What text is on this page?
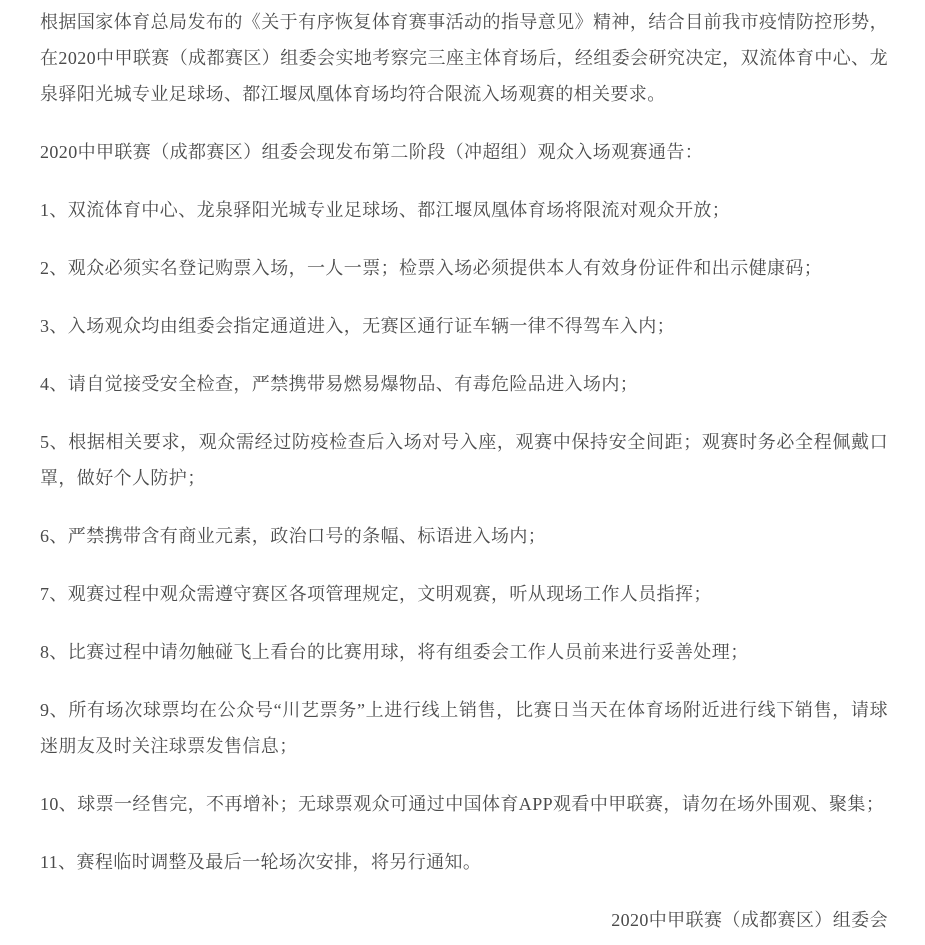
根据国家体育总局发布的《关于有序恢复体育赛事活动的指导意见》精神，结合目前我市疫情防控形势，在2020中甲联赛（成都赛区）组委会实地考察完三座主体育场后，经组委会研究决定，双流体育中心、龙泉驿阳光城专业足球场、都江堰凤凰体育场均符合限流入场观赛的相关要求。

2020中甲联赛（成都赛区）组委会现发布第二阶段（冲超组）观众入场观赛通告：

1、双流体育中心、龙泉驿阳光城专业足球场、都江堰凤凰体育场将限流对观众开放；

2、观众必须实名登记购票入场，一人一票；检票入场必须提供本人有效身份证件和出示健康码；

3、入场观众均由组委会指定通道进入，无赛区通行证车辆一律不得驾车入内；

4、请自觉接受安全检查，严禁携带易燃易爆物品、有毒危险品进入场内；

5、根据相关要求，观众需经过防疫检查后入场对号入座，观赛中保持安全间距；观赛时务必全程佩戴口罩，做好个人防护；

6、严禁携带含有商业元素，政治口号的条幅、标语进入场内；

7、观赛过程中观众需遵守赛区各项管理规定，文明观赛，听从现场工作人员指挥；

8、比赛过程中请勿触碰飞上看台的比赛用球，将有组委会工作人员前来进行妥善处理；

9、所有场次球票均在公众号“川艺票务”上进行线上销售，比赛日当天在体育场附近进行线下销售，请球迷朋友及时关注球票发售信息；

10、球票一经售完，不再增补；无球票观众可通过中国体育APP观看中甲联赛，请勿在场外围观、聚集；

11、赛程临时调整及最后一轮场次安排，将另行通知。

2020中甲联赛（成都赛区）组委会
